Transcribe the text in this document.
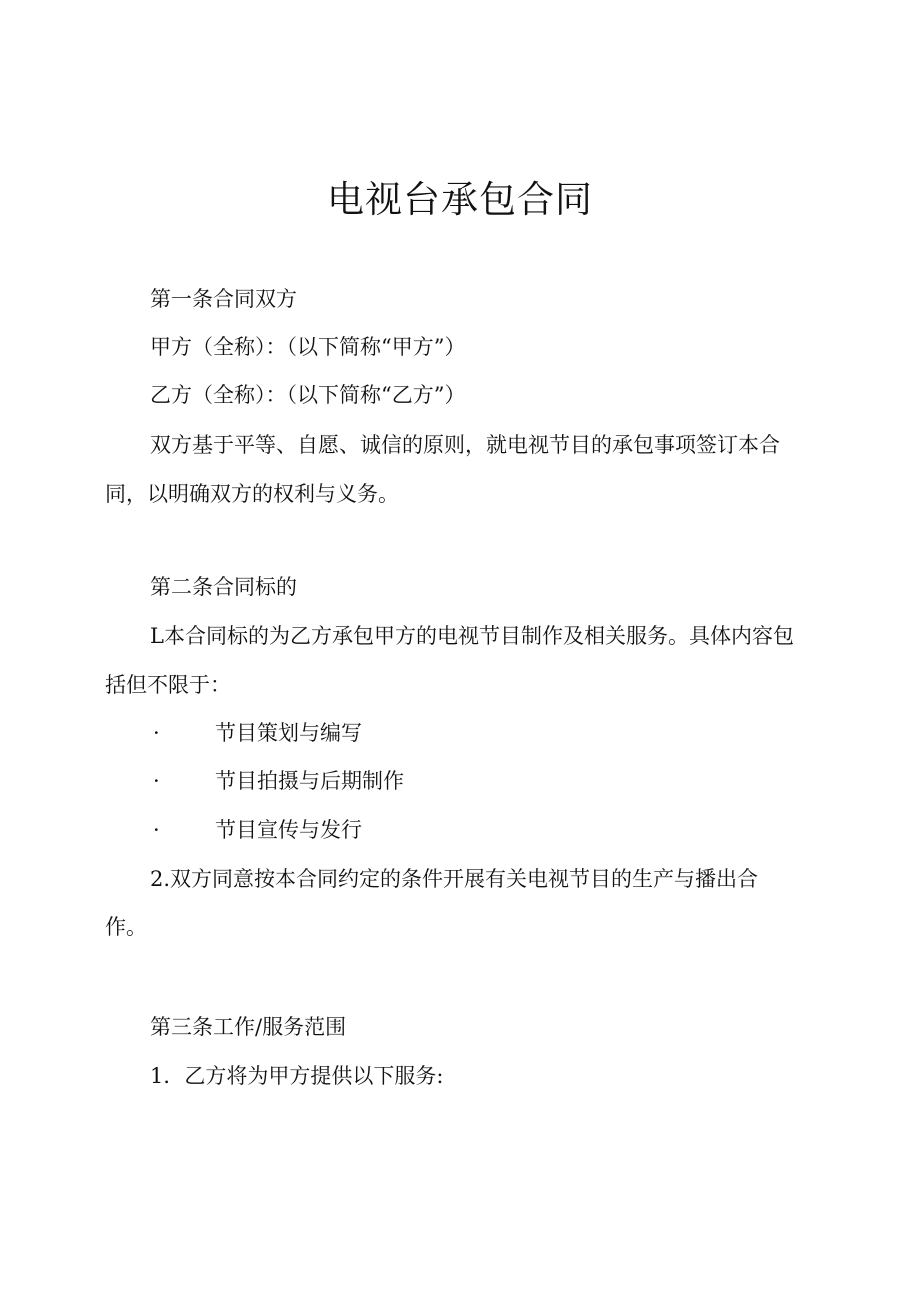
电视台承包合同

第一条合同双方

甲方（全称）：（以下简称“甲方”）

乙方（全称）：（以下简称“乙方”）

双方基于平等、自愿、诚信的原则，就电视节目的承包事项签订本合

同，以明确双方的权利与义务。

第二条合同标的

L本合同标的为乙方承包甲方的电视节目制作及相关服务。具体内容包

括但不限于：

·	节目策划与编写
·	节目拍摄与后期制作
·	节目宣传与发行

2.双方同意按本合同约定的条件开展有关电视节目的生产与播出合

作。

第三条工作/服务范围

1．乙方将为甲方提供以下服务:
